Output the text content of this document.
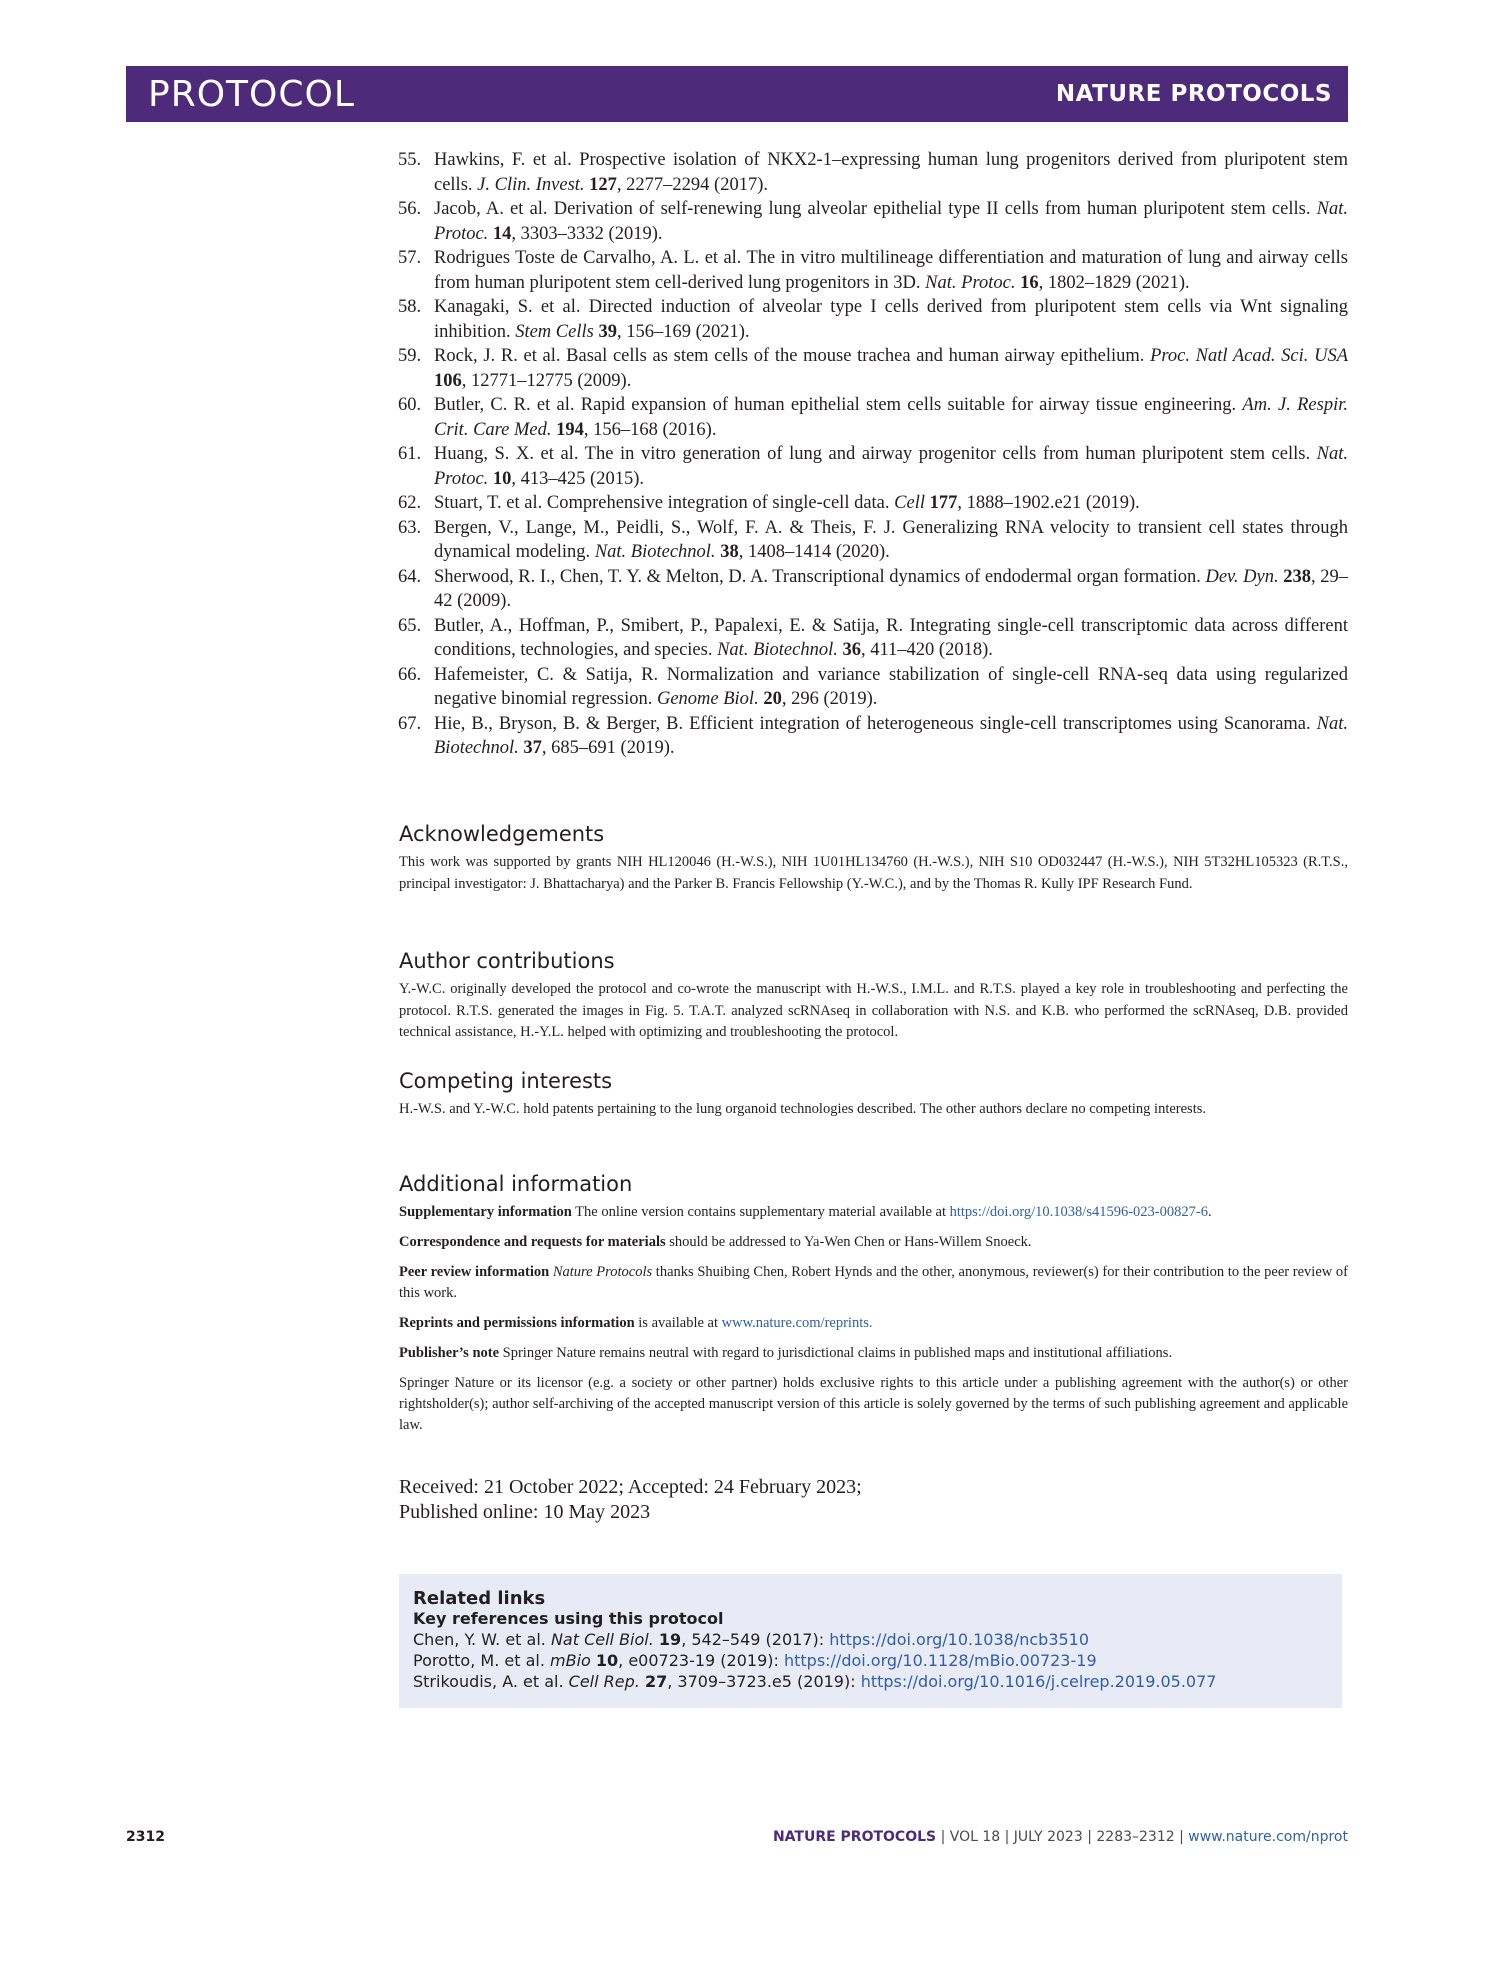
PROTOCOL	NATURE PROTOCOLS
55. Hawkins, F. et al. Prospective isolation of NKX2-1–expressing human lung progenitors derived from pluripotent stem cells. J. Clin. Invest. 127, 2277–2294 (2017).
56. Jacob, A. et al. Derivation of self-renewing lung alveolar epithelial type II cells from human pluripotent stem cells. Nat. Protoc. 14, 3303–3332 (2019).
57. Rodrigues Toste de Carvalho, A. L. et al. The in vitro multilineage differentiation and maturation of lung and airway cells from human pluripotent stem cell-derived lung progenitors in 3D. Nat. Protoc. 16, 1802–1829 (2021).
58. Kanagaki, S. et al. Directed induction of alveolar type I cells derived from pluripotent stem cells via Wnt signaling inhibition. Stem Cells 39, 156–169 (2021).
59. Rock, J. R. et al. Basal cells as stem cells of the mouse trachea and human airway epithelium. Proc. Natl Acad. Sci. USA 106, 12771–12775 (2009).
60. Butler, C. R. et al. Rapid expansion of human epithelial stem cells suitable for airway tissue engineering. Am. J. Respir. Crit. Care Med. 194, 156–168 (2016).
61. Huang, S. X. et al. The in vitro generation of lung and airway progenitor cells from human pluripotent stem cells. Nat. Protoc. 10, 413–425 (2015).
62. Stuart, T. et al. Comprehensive integration of single-cell data. Cell 177, 1888–1902.e21 (2019).
63. Bergen, V., Lange, M., Peidli, S., Wolf, F. A. & Theis, F. J. Generalizing RNA velocity to transient cell states through dynamical modeling. Nat. Biotechnol. 38, 1408–1414 (2020).
64. Sherwood, R. I., Chen, T. Y. & Melton, D. A. Transcriptional dynamics of endodermal organ formation. Dev. Dyn. 238, 29–42 (2009).
65. Butler, A., Hoffman, P., Smibert, P., Papalexi, E. & Satija, R. Integrating single-cell transcriptomic data across different conditions, technologies, and species. Nat. Biotechnol. 36, 411–420 (2018).
66. Hafemeister, C. & Satija, R. Normalization and variance stabilization of single-cell RNA-seq data using regularized negative binomial regression. Genome Biol. 20, 296 (2019).
67. Hie, B., Bryson, B. & Berger, B. Efficient integration of heterogeneous single-cell transcriptomes using Scanorama. Nat. Biotechnol. 37, 685–691 (2019).
Acknowledgements

This work was supported by grants NIH HL120046 (H.-W.S.), NIH 1U01HL134760 (H.-W.S.), NIH S10 OD032447 (H.-W.S.), NIH 5T32HL105323 (R.T.S., principal investigator: J. Bhattacharya) and the Parker B. Francis Fellowship (Y.-W.C.), and by the Thomas R. Kully IPF Research Fund.

Author contributions

Y.-W.C. originally developed the protocol and co-wrote the manuscript with H.-W.S., I.M.L. and R.T.S. played a key role in troubleshooting and perfecting the protocol. R.T.S. generated the images in Fig. 5. T.A.T. analyzed scRNAseq in collaboration with N.S. and K.B. who performed the scRNAseq, D.B. provided technical assistance, H.-Y.L. helped with optimizing and troubleshooting the protocol.

Competing interests

H.-W.S. and Y.-W.C. hold patents pertaining to the lung organoid technologies described. The other authors declare no competing interests.

Additional information

Supplementary information The online version contains supplementary material available at https://doi.org/10.1038/s41596-023-00827-6.

Correspondence and requests for materials should be addressed to Ya-Wen Chen or Hans-Willem Snoeck.

Peer review information Nature Protocols thanks Shuibing Chen, Robert Hynds and the other, anonymous, reviewer(s) for their contribution to the peer review of this work.

Reprints and permissions information is available at www.nature.com/reprints.

Publisher’s note Springer Nature remains neutral with regard to jurisdictional claims in published maps and institutional affiliations.

Springer Nature or its licensor (e.g. a society or other partner) holds exclusive rights to this article under a publishing agreement with the author(s) or other rightsholder(s); author self-archiving of the accepted manuscript version of this article is solely governed by the terms of such publishing agreement and applicable law.

Received: 21 October 2022; Accepted: 24 February 2023;
Published online: 10 May 2023
Related links
Key references using this protocol
Chen, Y. W. et al. Nat Cell Biol. 19, 542–549 (2017): https://doi.org/10.1038/ncb3510
Porotto, M. et al. mBio 10, e00723-19 (2019): https://doi.org/10.1128/mBio.00723-19
Strikoudis, A. et al. Cell Rep. 27, 3709–3723.e5 (2019): https://doi.org/10.1016/j.celrep.2019.05.077
2312	NATURE PROTOCOLS | VOL 18 | JULY 2023 | 2283–2312 | www.nature.com/nprot
